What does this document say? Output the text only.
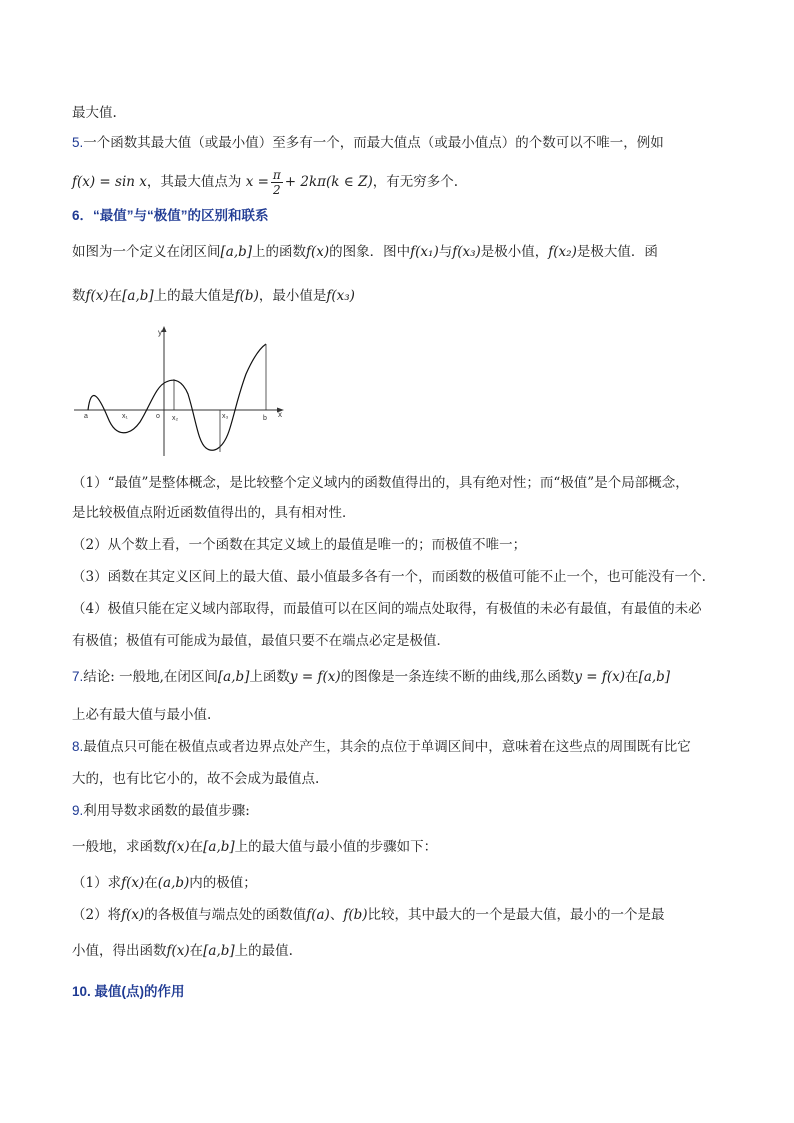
最大值.
5.一个函数其最大值（或最小值）至多有一个，而最大值点（或最小值点）的个数可以不唯一，例如
f(x) = sin x，其最大值点为 $x = \frac{\pi}{2} + 2k\pi(k$ ∈ Z)，有无穷多个.
6．“最值”与“极值”的区别和联系
如图为一个定义在闭区间[a,b]上的函数f(x)的图象．图中f(x₁)与f(x₃)是极小值，f(x₂)是极大值．函
数f(x)在[a,b]上的最大值是f(b)，最小值是f(x₃)
y
x
a	x₁	o x₂	x₃	b
（1）“最值”是整体概念，是比较整个定义域内的函数值得出的，具有绝对性；而“极值”是个局部概念，
是比较极值点附近函数值得出的，具有相对性．
（2）从个数上看，一个函数在其定义域上的最值是唯一的；而极值不唯一；
（3）函数在其定义区间上的最大值、最小值最多各有一个，而函数的极值可能不止一个，也可能没有一个.
（4）极值只能在定义域内部取得，而最值可以在区间的端点处取得，有极值的未必有最值，有最值的未必
有极值；极值有可能成为最值，最值只要不在端点必定是极值．
7.结论: 一般地,在闭区间[a,b]上函数y = f(x)的图像是一条连续不断的曲线,那么函数y = f(x)在[a,b]
上必有最大值与最小值.
8.最值点只可能在极值点或者边界点处产生，其余的点位于单调区间中，意味着在这些点的周围既有比它
大的，也有比它小的，故不会成为最值点.
9.利用导数求函数的最值步骤:
一般地，求函数f(x)在[a,b]上的最大值与最小值的步骤如下：
（1）求f(x)在(a,b)内的极值；
（2）将f(x)的各极值与端点处的函数值f(a)、f(b)比较，其中最大的一个是最大值，最小的一个是最
小值，得出函数f(x)在[a,b]上的最值.
10. 最值(点)的作用
